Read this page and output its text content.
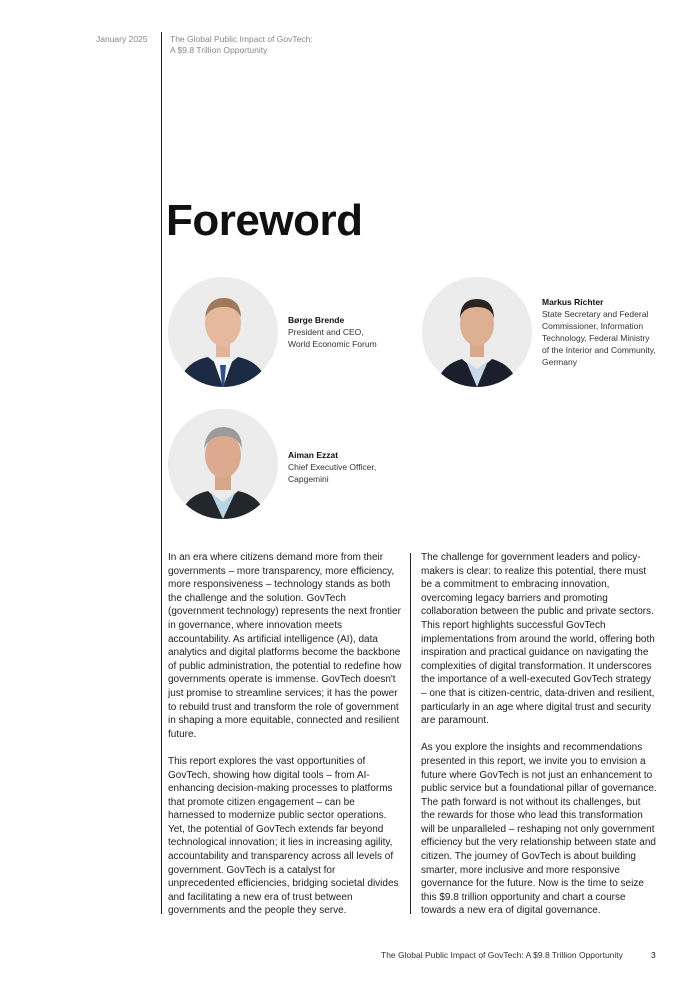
January 2025	The Global Public Impact of GovTech:
A $9.8 Trillion Opportunity
Foreword
Børge Brende
President and CEO,
World Economic Forum
Markus Richter
State Secretary and Federal
Commissioner, Information
Technology, Federal Ministry
of the Interior and Community,
Germany
Aiman Ezzat
Chief Executive Officer,
Capgemini

In an era where citizens demand more from their governments – more transparency, more efficiency, more responsiveness – technology stands as both the challenge and the solution. GovTech (government technology) represents the next frontier in governance, where innovation meets accountability. As artificial intelligence (AI), data analytics and digital platforms become the backbone of public administration, the potential to redefine how governments operate is immense. GovTech doesn't just promise to streamline services; it has the power to rebuild trust and transform the role of government in shaping a more equitable, connected and resilient future.

This report explores the vast opportunities of GovTech, showing how digital tools – from AI-enhancing decision-making processes to platforms that promote citizen engagement – can be harnessed to modernize public sector operations. Yet, the potential of GovTech extends far beyond technological innovation; it lies in increasing agility, accountability and transparency across all levels of government. GovTech is a catalyst for unprecedented efficiencies, bridging societal divides and facilitating a new era of trust between governments and the people they serve.

The challenge for government leaders and policy-makers is clear: to realize this potential, there must be a commitment to embracing innovation, overcoming legacy barriers and promoting collaboration between the public and private sectors. This report highlights successful GovTech implementations from around the world, offering both inspiration and practical guidance on navigating the complexities of digital transformation. It underscores the importance of a well-executed GovTech strategy – one that is citizen-centric, data-driven and resilient, particularly in an age where digital trust and security are paramount.

As you explore the insights and recommendations presented in this report, we invite you to envision a future where GovTech is not just an enhancement to public service but a foundational pillar of governance. The path forward is not without its challenges, but the rewards for those who lead this transformation will be unparalleled – reshaping not only government efficiency but the very relationship between state and citizen. The journey of GovTech is about building smarter, more inclusive and more responsive governance for the future. Now is the time to seize this $9.8 trillion opportunity and chart a course towards a new era of digital governance.

The Global Public Impact of GovTech: A $9.8 Trillion Opportunity	3
